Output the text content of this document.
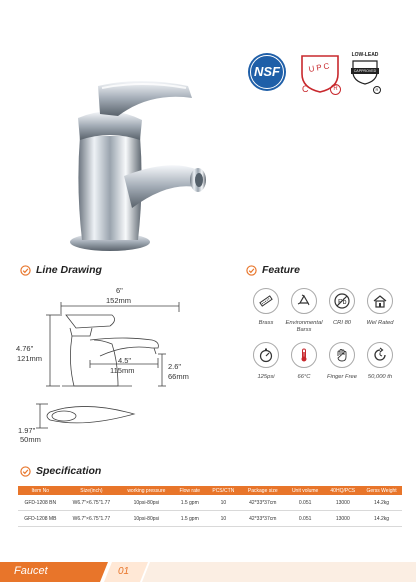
NSF	UPC
C	R
LOW-LEAD
CAPPROVED
R
Line Drawing
6"
152mm
4.76"
121mm	4.5"
115mm	2.6"
66mm
1.97"
50mm
Feature
Brass	Environmental Barss
Pb
CRI 80	Wel Rated
125psi	66°C	Finger Free	50,000 th
Specification
Item No	Size(inch)	working pressure	Flow rate	PCS/CTN	Package size	Unit volume	40HQ/PCS	Gerss Weight
GFD-1208 BN	W6.7"×6.75"1.77	10psi-80psi	1.5 gpm	10	42*33*37cm	0.051	13000	14.2kg
GFD-1208 MB	W6.7"×6.75"1.77	10psi-80psi	1.5 gpm	10	42*33*37cm	0.051	13000	14.2kg
Faucet	01
